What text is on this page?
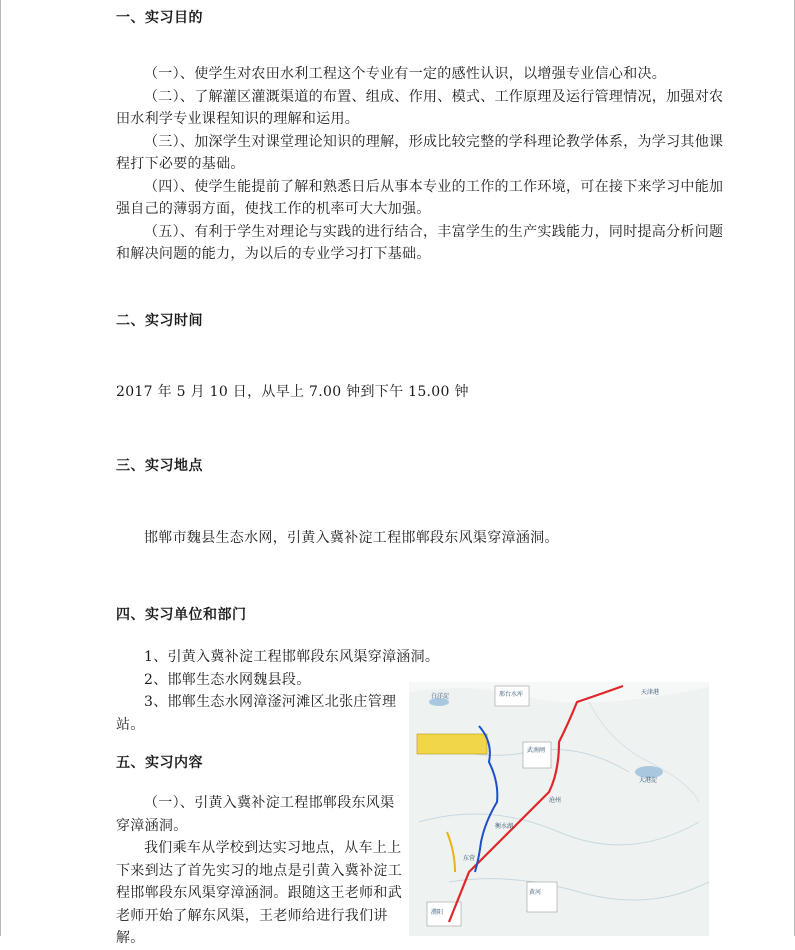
一、实习目的
（一）、使学生对农田水利工程这个专业有一定的感性认识，以增强专业信心和决。
（二）、了解灌区灌溉渠道的布置、组成、作用、模式、工作原理及运行管理情况，加强对农田水利学专业课程知识的理解和运用。
（三）、加深学生对课堂理论知识的理解，形成比较完整的学科理论教学体系，为学习其他课程打下必要的基础。
（四）、使学生能提前了解和熟悉日后从事本专业的工作的工作环境，可在接下来学习中能加强自己的薄弱方面，使找工作的机率可大大加强。
（五）、有利于学生对理论与实践的进行结合，丰富学生的生产实践能力，同时提高分析问题和解决问题的能力，为以后的专业学习打下基础。
二、实习时间
2017 年 5 月 10 日，从早上 7.00 钟到下午 15.00 钟
三、实习地点
邯郸市魏县生态水网，引黄入冀补淀工程邯郸段东风渠穿漳涵洞。
四、实习单位和部门
1、引黄入冀补淀工程邯郸段东风渠穿漳涵洞。
2、邯郸生态水网魏县段。
3、邯郸生态水网漳滏河滩区北张庄管理站。
五、实习内容
（一）、引黄入冀补淀工程邯郸段东风渠穿漳涵洞。
我们乘车从学校到达实习地点，从车上上下来到达了首先实习的地点是引黄入冀补淀工程邯郸段东风渠穿漳涵洞。跟随这王老师和武老师开始了解东风渠，王老师给进行我们讲解。
白洋淀
天津港
邢台水库
武南闸
大港淀
沧州
衡水湖
东营
濮阳
黄河
